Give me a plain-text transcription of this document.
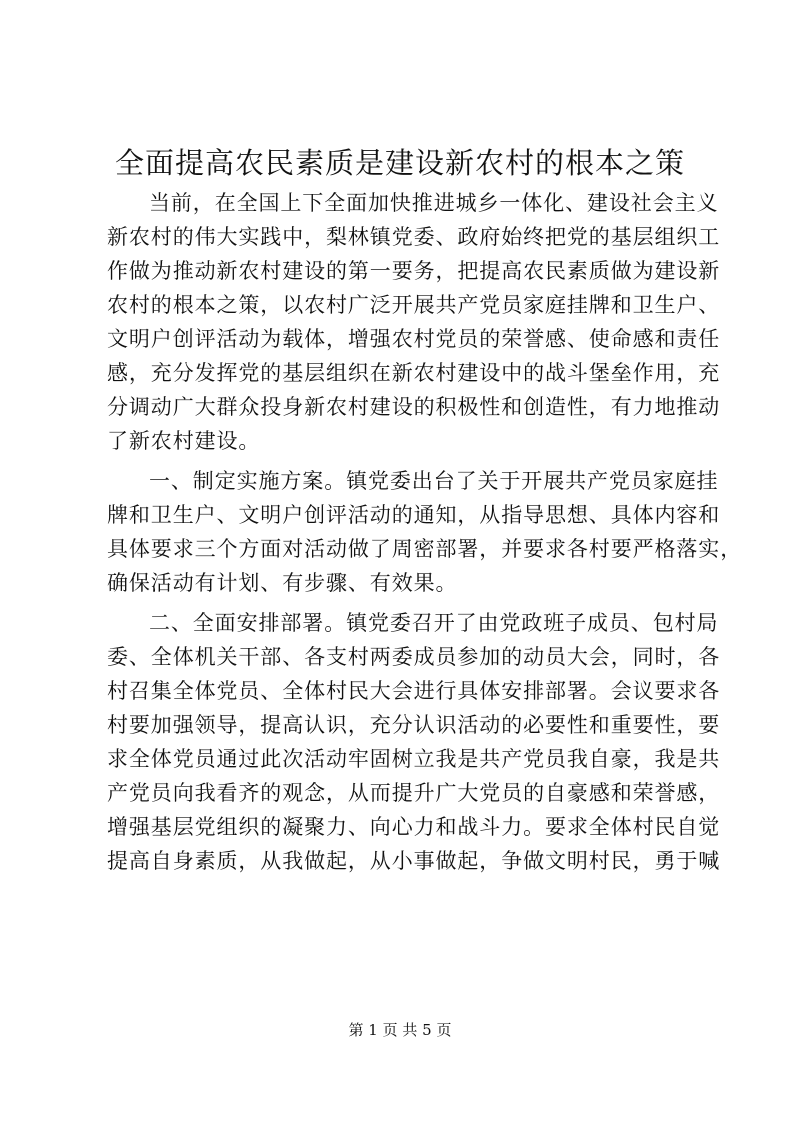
全面提高农民素质是建设新农村的根本之策

当前，在全国上下全面加快推进城乡一体化、建设社会主义
新农村的伟大实践中，梨林镇党委、政府始终把党的基层组织工
作做为推动新农村建设的第一要务，把提高农民素质做为建设新
农村的根本之策，以农村广泛开展共产党员家庭挂牌和卫生户、
文明户创评活动为载体，增强农村党员的荣誉感、使命感和责任
感，充分发挥党的基层组织在新农村建设中的战斗堡垒作用，充
分调动广大群众投身新农村建设的积极性和创造性，有力地推动
了新农村建设。

一、制定实施方案。镇党委出台了关于开展共产党员家庭挂
牌和卫生户、文明户创评活动的通知，从指导思想、具体内容和
具体要求三个方面对活动做了周密部署，并要求各村要严格落实，
确保活动有计划、有步骤、有效果。

二、全面安排部署。镇党委召开了由党政班子成员、包村局
委、全体机关干部、各支村两委成员参加的动员大会，同时，各
村召集全体党员、全体村民大会进行具体安排部署。会议要求各
村要加强领导，提高认识，充分认识活动的必要性和重要性，要
求全体党员通过此次活动牢固树立我是共产党员我自豪，我是共
产党员向我看齐的观念，从而提升广大党员的自豪感和荣誉感，
增强基层党组织的凝聚力、向心力和战斗力。要求全体村民自觉
提高自身素质，从我做起，从小事做起，争做文明村民，勇于喊

第 1 页 共 5 页
